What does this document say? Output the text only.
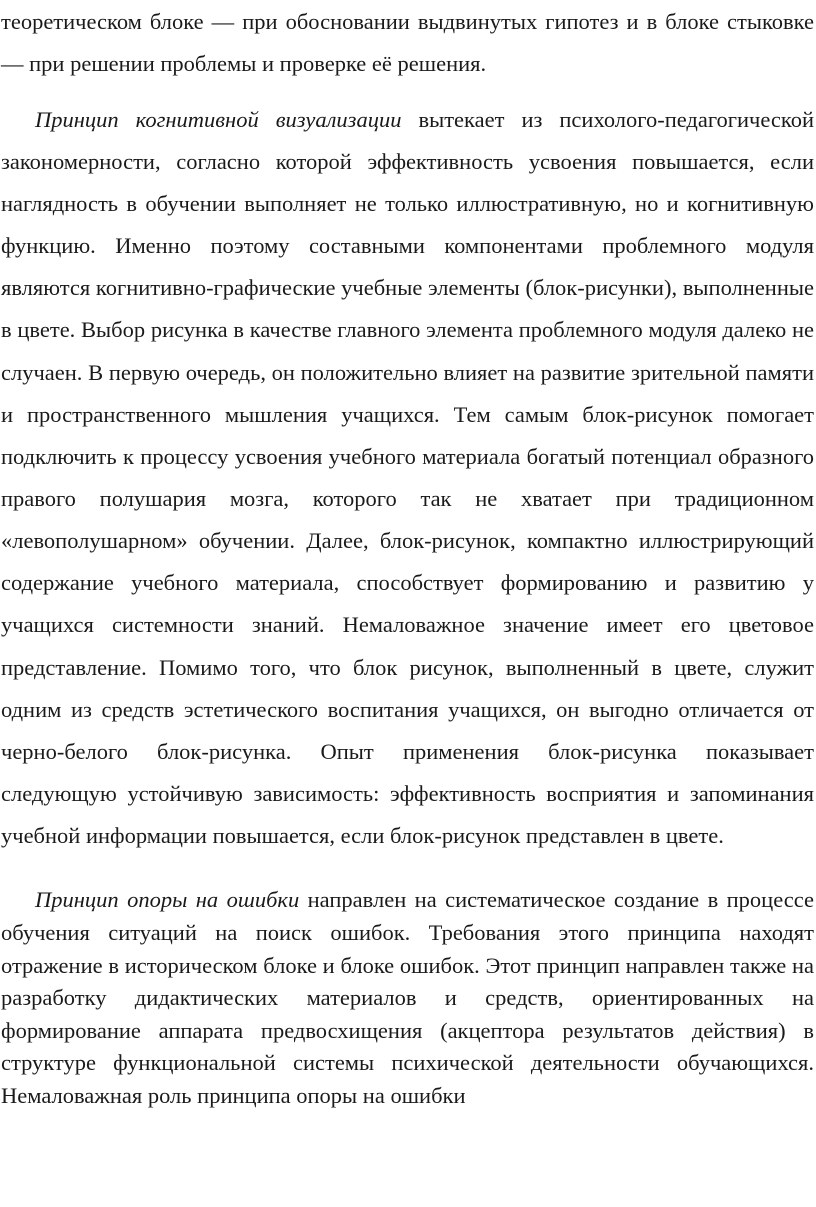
теоретическом блоке — при обосновании выдвинутых гипотез и в блоке стыковке — при решении проблемы и проверке её решения.

Принцип когнитивной визуализации вытекает из психолого-педагогической закономерности, согласно которой эффективность усвоения повышается, если наглядность в обучении выполняет не только иллюстративную, но и когнитивную функцию. Именно поэтому составными компонентами проблемного модуля являются когнитивно-графические учебные элементы (блок-рисунки), выполненные в цвете. Выбор рисунка в качестве главного элемента проблемного модуля далеко не случаен. В первую очередь, он положительно влияет на развитие зрительной памяти и пространственного мышления учащихся. Тем самым блок-рисунок помогает подключить к процессу усвоения учебного материала богатый потенциал образного правого полушария мозга, которого так не хватает при традиционном «левополушарном» обучении. Далее, блок-рисунок, компактно иллюстрирующий содержание учебного материала, способствует формированию и развитию у учащихся системности знаний. Немаловажное значение имеет его цветовое представление. Помимо того, что блок рисунок, выполненный в цвете, служит одним из средств эстетического воспитания учащихся, он выгодно отличается от черно-белого блок-рисунка. Опыт применения блок-рисунка показывает следующую устойчивую зависимость: эффективность восприятия и запоминания учебной информации повышается, если блок-рисунок представлен в цвете.

Принцип опоры на ошибки направлен на систематическое создание в процессе обучения ситуаций на поиск ошибок. Требования этого принципа находят отражение в историческом блоке и блоке ошибок. Этот принцип направлен также на разработку дидактических материалов и средств, ориентированных на формирование аппарата предвосхищения (акцептора результатов действия) в структуре функциональной системы психической деятельности обучающихся. Немаловажная роль принципа опоры на ошибки
